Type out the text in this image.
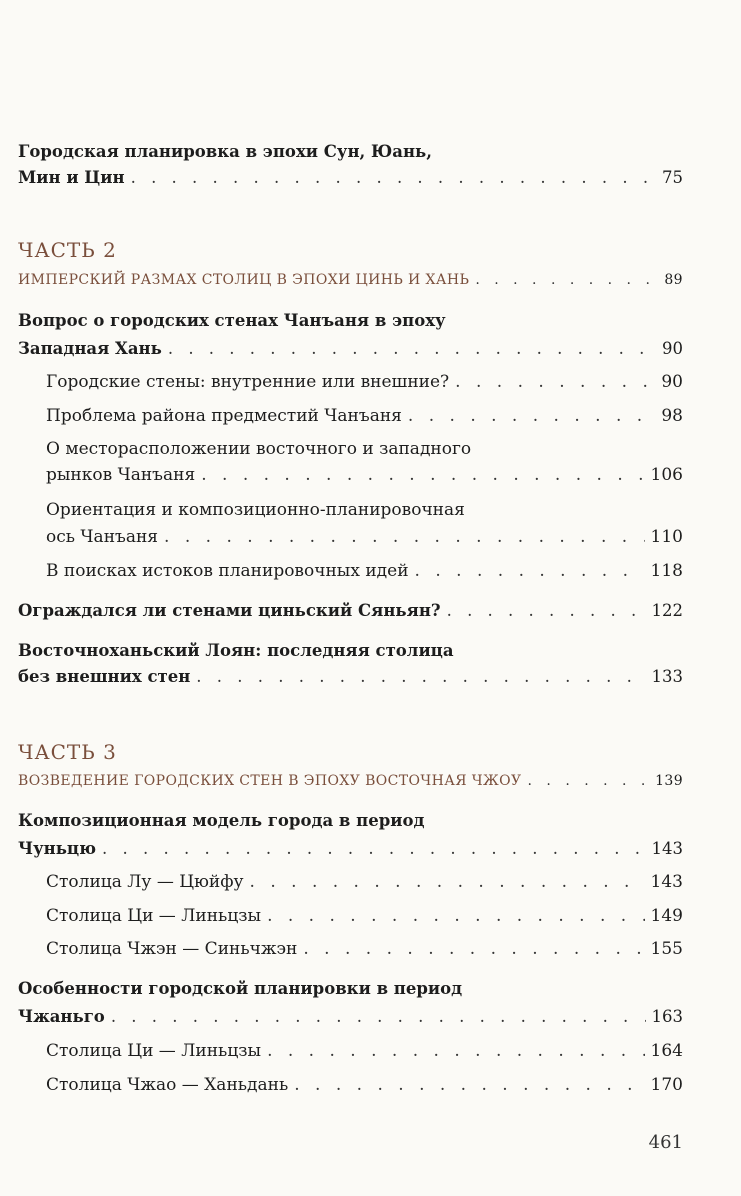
Городская планировка в эпохи Сун, Юань,
Мин и Цин . . .	75
ЧАСТЬ 2
ИМПЕРСКИЙ РАЗМАХ СТОЛИЦ В ЭПОХИ ЦИНЬ И ХАНЬ . . .	89
Вопрос о городских стенах Чанъаня в эпоху
Западная Хань . . .	90
Городские стены: внутренние или внешние? . . .	90
Проблема района предместий Чанъаня . . .	98
О месторасположении восточного и западного
рынков Чанъаня . . .	106
Ориентация и композиционно-планировочная
ось Чанъаня . . .	110
В поисках истоков планировочных идей . . .	118
Ограждался ли стенами циньский Сяньян? . . .	122
Восточноханьский Лоян: последняя столица
без внешних стен . . .	133
ЧАСТЬ 3
ВОЗВЕДЕНИЕ ГОРОДСКИХ СТЕН В ЭПОХУ ВОСТОЧНАЯ ЧЖОУ . . .	139
Композиционная модель города в период
Чуньцю . . .	143
Столица Лу — Цюйфу . . .	143
Столица Ци — Линьцзы . . .	149
Столица Чжэн — Синьчжэн . . .	155
Особенности городской планировки в период
Чжаньго . . .	163
Столица Ци — Линьцзы . . .	164
Столица Чжао — Ханьдань . . .	170
461
